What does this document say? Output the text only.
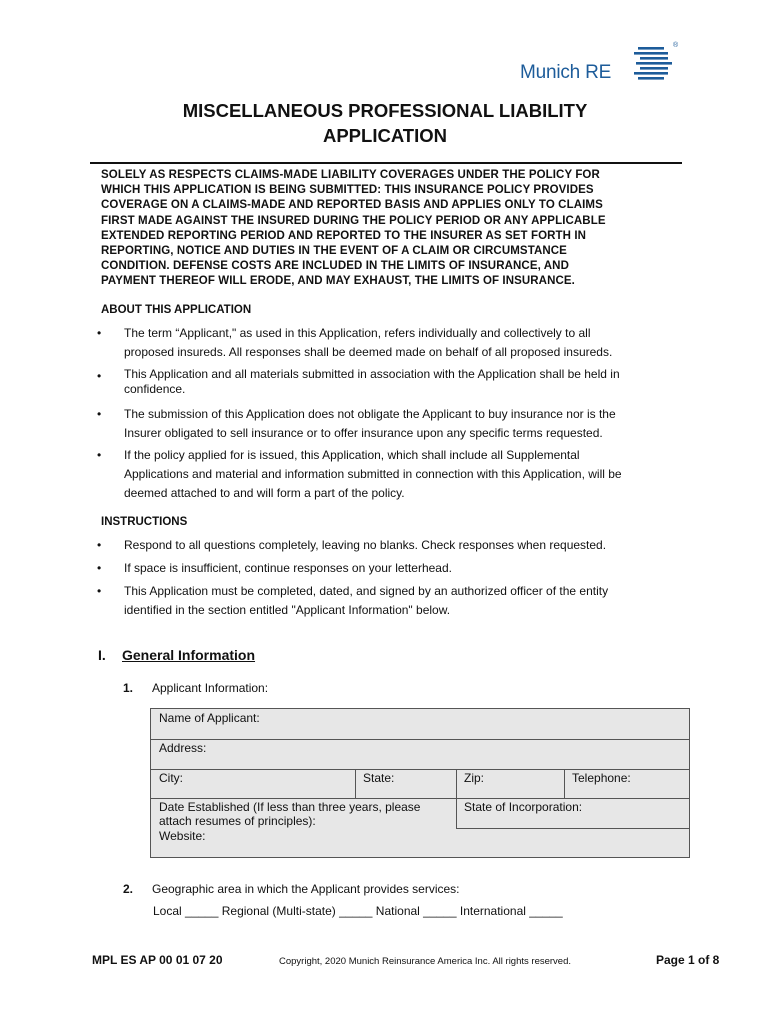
Munich RE
®
MISCELLANEOUS PROFESSIONAL LIABILITY
APPLICATION
SOLELY AS RESPECTS CLAIMS-MADE LIABILITY COVERAGES UNDER THE POLICY FOR
WHICH THIS APPLICATION IS BEING SUBMITTED: THIS INSURANCE POLICY PROVIDES
COVERAGE ON A CLAIMS-MADE AND REPORTED BASIS AND APPLIES ONLY TO CLAIMS
FIRST MADE AGAINST THE INSURED DURING THE POLICY PERIOD OR ANY APPLICABLE
EXTENDED REPORTING PERIOD AND REPORTED TO THE INSURER AS SET FORTH IN
REPORTING, NOTICE AND DUTIES IN THE EVENT OF A CLAIM OR CIRCUMSTANCE
CONDITION. DEFENSE COSTS ARE INCLUDED IN THE LIMITS OF INSURANCE, AND
PAYMENT THEREOF WILL ERODE, AND MAY EXHAUST, THE LIMITS OF INSURANCE.
ABOUT THIS APPLICATION
•	The term “Applicant," as used in this Application, refers individually and collectively to all
proposed insureds. All responses shall be deemed made on behalf of all proposed insureds.
•	This Application and all materials submitted in association with the Application shall be held in
confidence.
•	The submission of this Application does not obligate the Applicant to buy insurance nor is the
Insurer obligated to sell insurance or to offer insurance upon any specific terms requested.
•	If the policy applied for is issued, this Application, which shall include all Supplemental
Applications and material and information submitted in connection with this Application, will be
deemed attached to and will form a part of the policy.
INSTRUCTIONS
•	Respond to all questions completely, leaving no blanks. Check responses when requested.
•	If space is insufficient, continue responses on your letterhead.
•	This Application must be completed, dated, and signed by an authorized officer of the entity
identified in the section entitled "Applicant Information" below.
I. General Information
1. Applicant Information:
Name of Applicant:
Address:
City:	State:	Zip:	Telephone:
Date Established (If less than three years, please
attach resumes of principles):
State of Incorporation:
Website:
2. Geographic area in which the Applicant provides services:
Local _____ Regional (Multi-state) _____ National _____ International _____
MPL ES AP 00 01 07 20	Copyright, 2020 Munich Reinsurance America Inc. All rights reserved.	Page 1 of 8
